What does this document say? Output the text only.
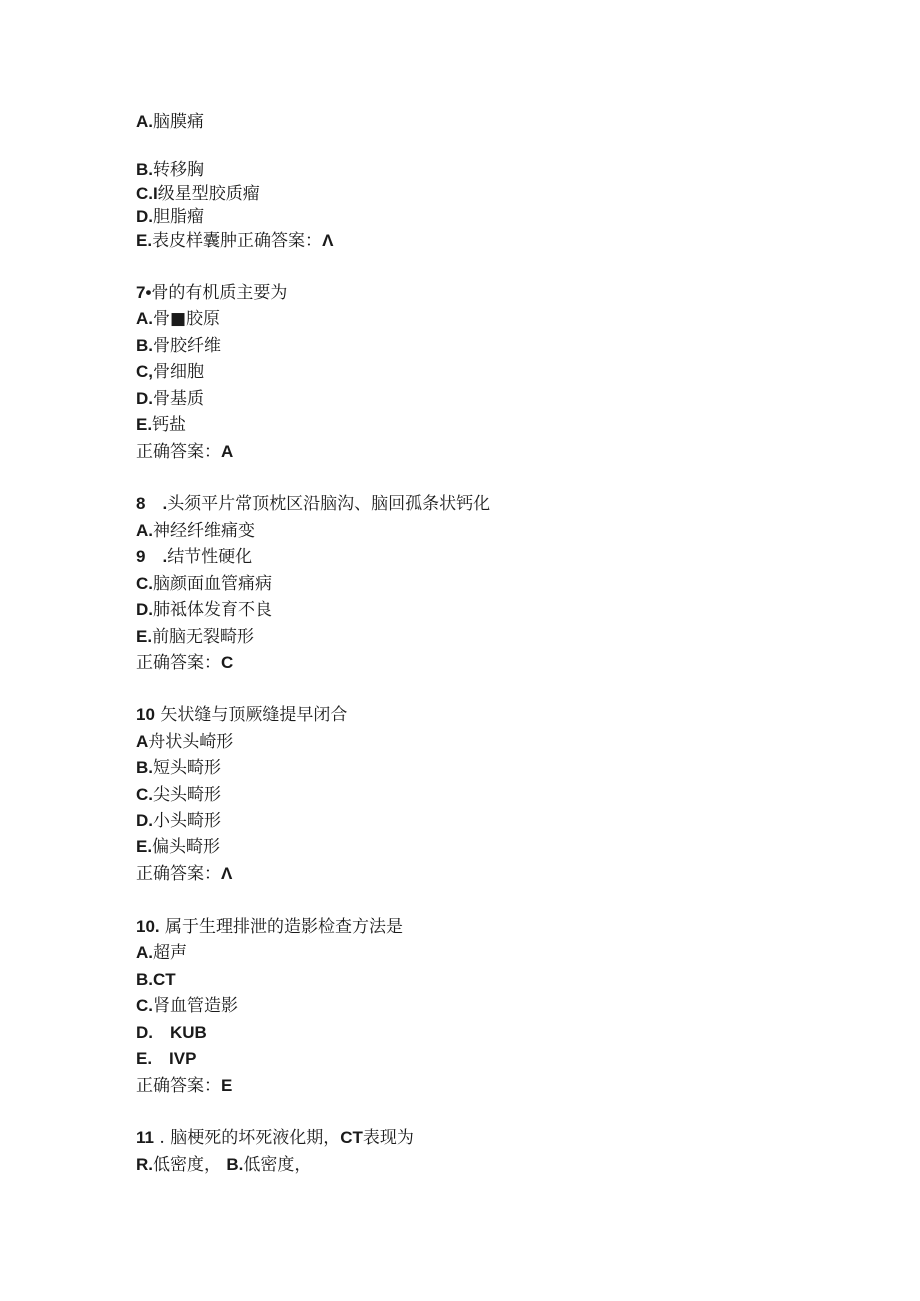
A.脑膜痛
B.转移胸
C.I级星型胶质瘤
D.胆脂瘤
E.表皮样囊肿正确答案：Λ
7•骨的有机质主要为
A.骨■胶原
B.骨胶纤维
C,骨细胞
D.骨基质
E.钙盐
正确答案：A
8 .头须平片常顶枕区沿脑沟、脑回孤条状钙化
A.神经纤维痛变
9 .结节性硬化
C.脑颜面血管痛病
D.肺祗体发育不良
E.前脑无裂畸形
正确答案：C
10 矢状缝与顶厥缝提早闭合
A舟状头崎形
B.短头畸形
C.尖头畸形
D.小头畸形
E.偏头畸形
正确答案：Λ
10. 属于生理排泄的造影检查方法是
A.超声
B.CT
C.肾血管造影
D. KUB
E. IVP
正确答案：E
11 . 脑梗死的坏死液化期，CT表现为
R.低密度， B.低密度，
